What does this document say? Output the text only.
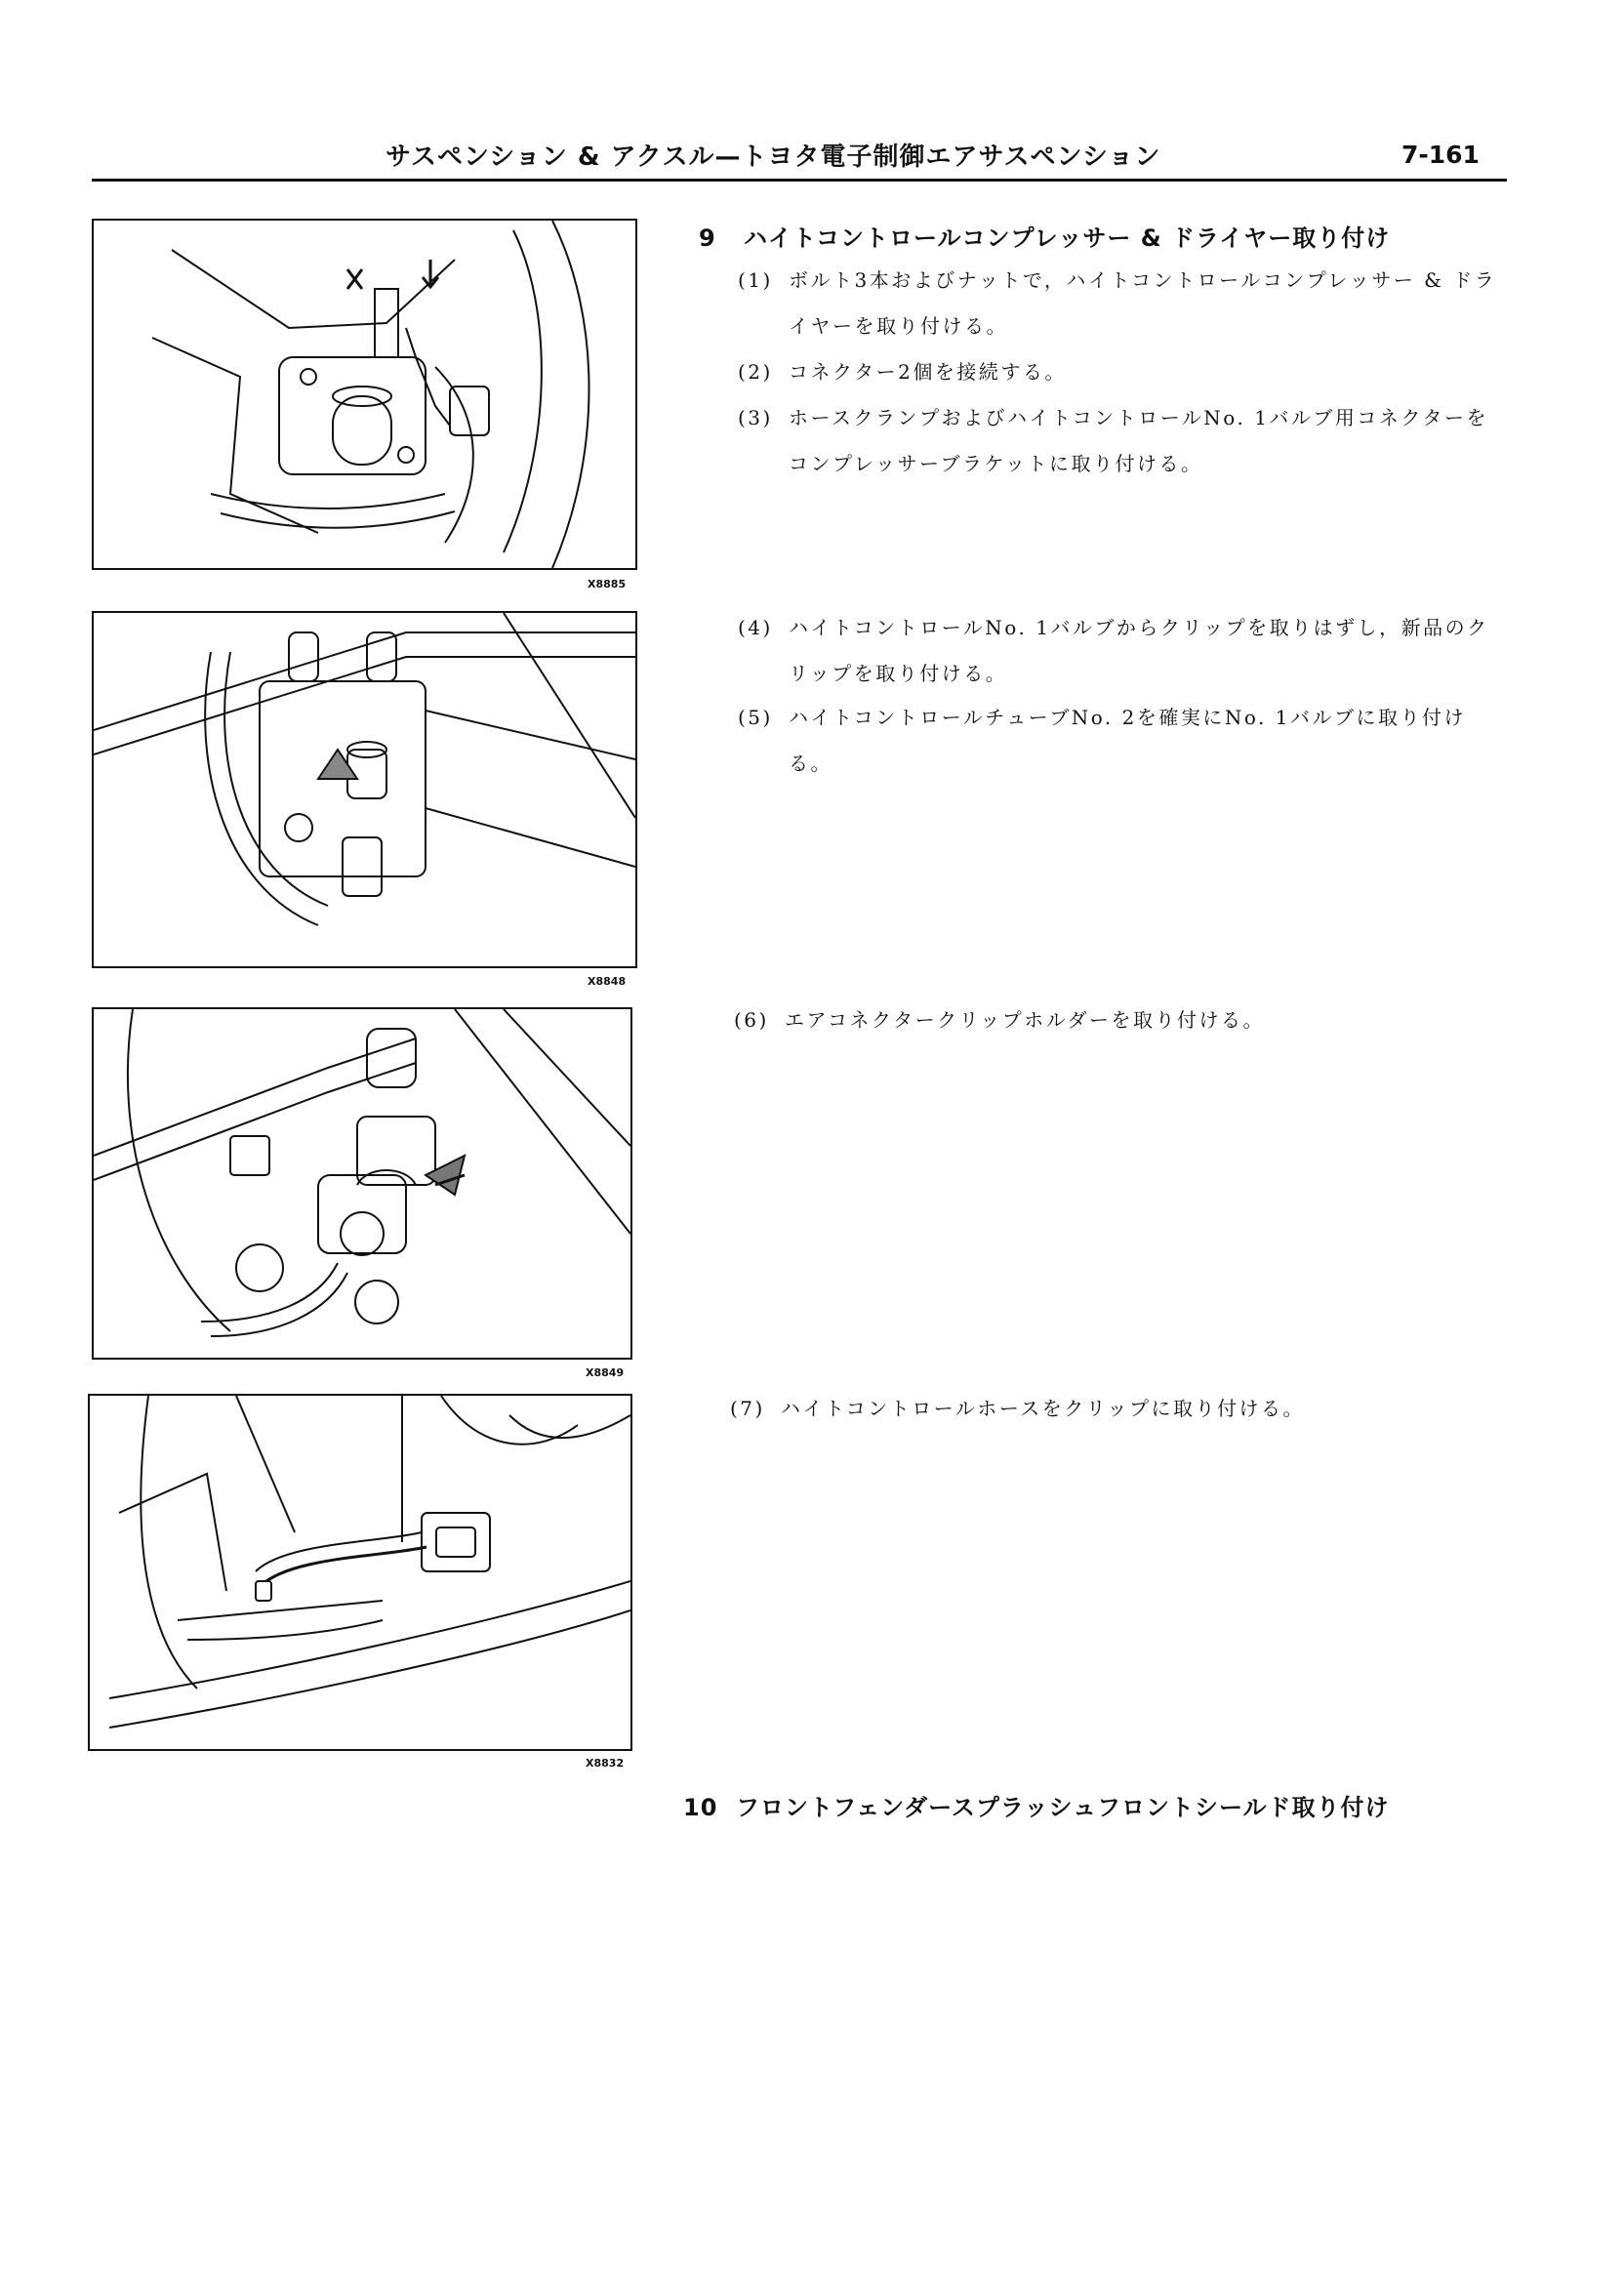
サスペンション & アクスル—トヨタ電子制御エアサスペンション	7-161
X8885
X8848
X8849
X8832
9 ハイトコントロールコンプレッサー & ドライヤー取り付け
(1) ボルト3本およびナットで，ハイトコントロールコンプレッサー & ドライヤーを取り付ける。
(2) コネクター2個を接続する。
(3) ホースクランプおよびハイトコントロールNo. 1バルブ用コネクターをコンプレッサーブラケットに取り付ける。
(4) ハイトコントロールNo. 1バルブからクリップを取りはずし，新品のクリップを取り付ける。
(5) ハイトコントロールチューブNo. 2を確実にNo. 1バルブに取り付ける。
(6) エアコネクタークリップホルダーを取り付ける。
(7) ハイトコントロールホースをクリップに取り付ける。
10 フロントフェンダースプラッシュフロントシールド取り付け
